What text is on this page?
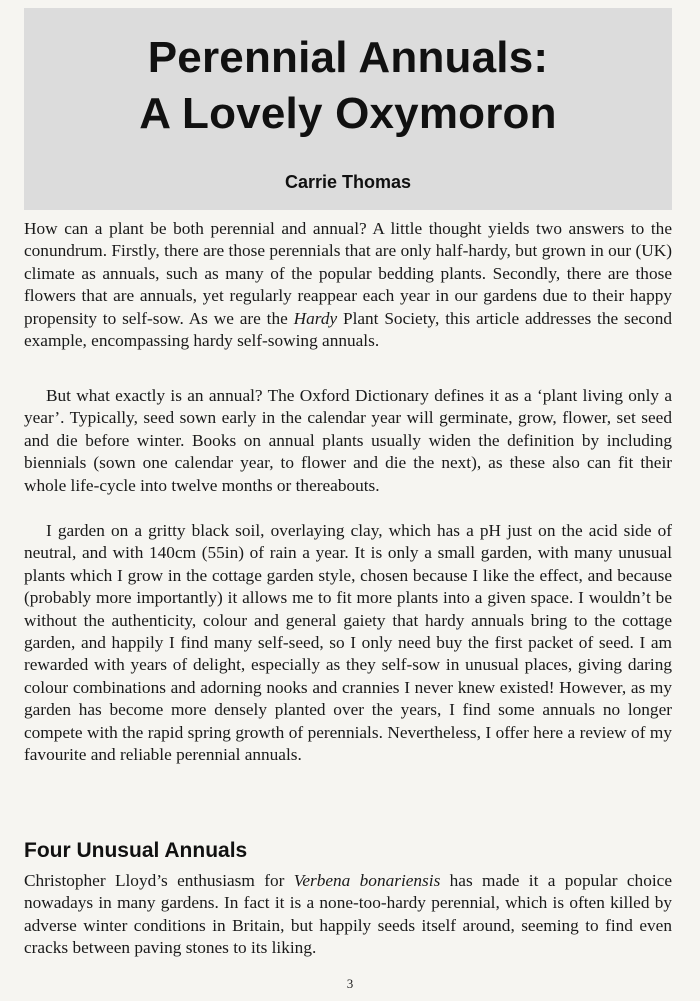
Perennial Annuals:
A Lovely Oxymoron
Carrie Thomas

How can a plant be both perennial and annual? A little thought yields two answers to the conundrum. Firstly, there are those perennials that are only half-hardy, but grown in our (UK) climate as annuals, such as many of the popular bedding plants. Secondly, there are those flowers that are annuals, yet regularly reappear each year in our gardens due to their happy propensity to self-sow. As we are the Hardy Plant Society, this article addresses the second example, encompassing hardy self-sowing annuals.

But what exactly is an annual? The Oxford Dictionary defines it as a ‘plant living only a year’. Typically, seed sown early in the calendar year will germinate, grow, flower, set seed and die before winter. Books on annual plants usually widen the definition by including biennials (sown one calendar year, to flower and die the next), as these also can fit their whole life-cycle into twelve months or thereabouts.

I garden on a gritty black soil, overlaying clay, which has a pH just on the acid side of neutral, and with 140cm (55in) of rain a year. It is only a small garden, with many unusual plants which I grow in the cottage garden style, chosen because I like the effect, and because (probably more importantly) it allows me to fit more plants into a given space. I wouldn’t be without the authenticity, colour and general gaiety that hardy annuals bring to the cottage garden, and happily I find many self-seed, so I only need buy the first packet of seed. I am rewarded with years of delight, especially as they self-sow in unusual places, giving daring colour combinations and adorning nooks and crannies I never knew existed! However, as my garden has become more densely planted over the years, I find some annuals no longer compete with the rapid spring growth of perennials. Nevertheless, I offer here a review of my favourite and reliable perennial annuals.

Four Unusual Annuals

Christopher Lloyd’s enthusiasm for Verbena bonariensis has made it a popular choice nowadays in many gardens. In fact it is a none-too-hardy perennial, which is often killed by adverse winter conditions in Britain, but happily seeds itself around, seeming to find even cracks between paving stones to its liking.

3
